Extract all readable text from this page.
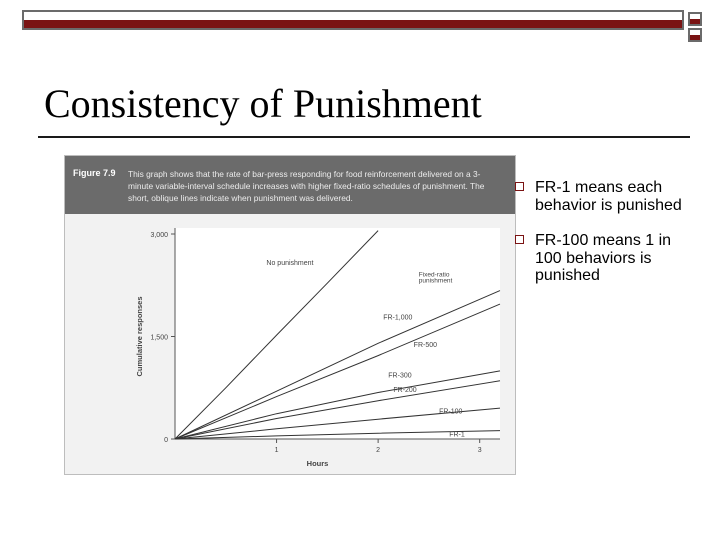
Consistency of Punishment
Figure 7.9 This graph shows that the rate of bar-press responding for food reinforcement delivered on a 3-minute variable-interval schedule increases with higher fixed-ratio schedules of punishment. The short, oblique lines indicate when punishment was delivered.
0
1,500
3,000
1	2	3
Hours
Cumulative responses
No punishment
FR-1,000
FR-500
FR-300
FR-200
FR-100
FR-1
Fixed-ratio
punishment
FR-1 means each behavior is punished
FR-100 means 1 in 100 behaviors is punished
